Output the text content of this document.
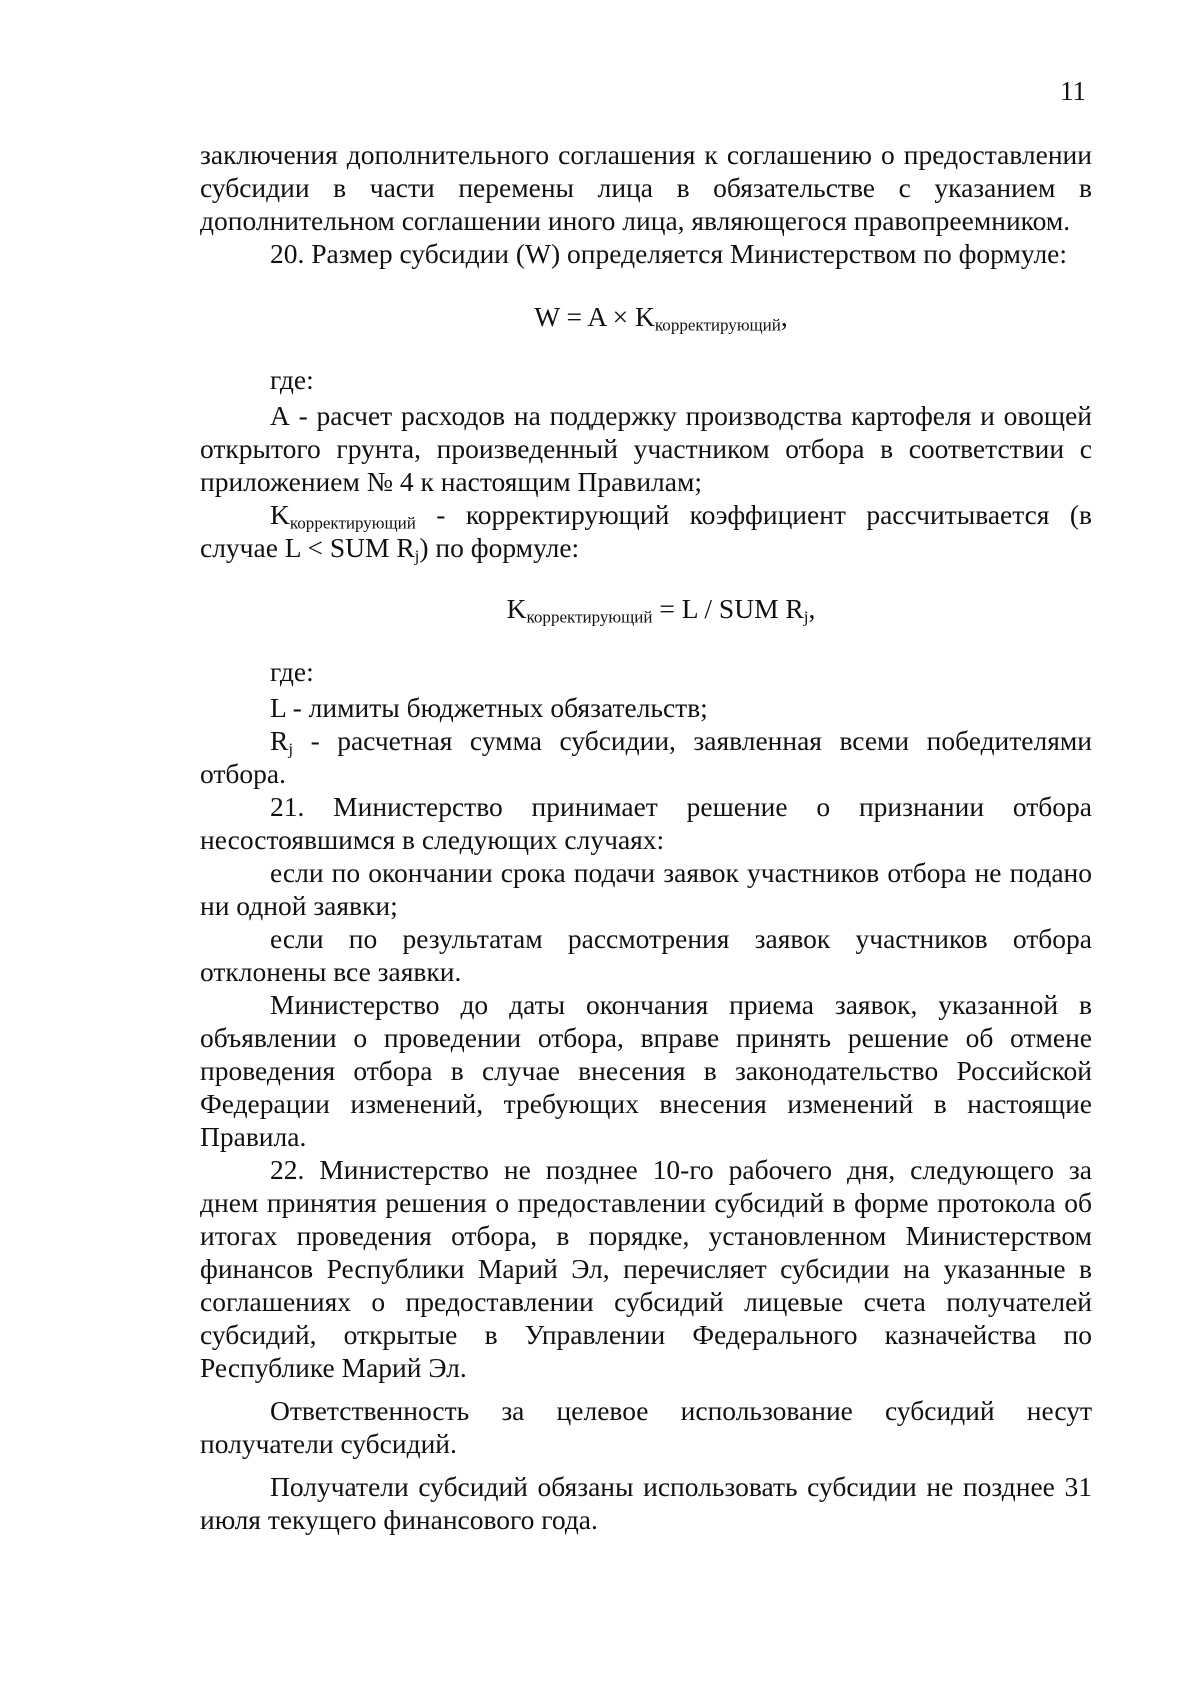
11

заключения дополнительного соглашения к соглашению о предоставлении субсидии в части перемены лица в обязательстве с указанием в дополнительном соглашении иного лица, являющегося правопреемником.

20. Размер субсидии (W) определяется Министерством по формуле:

$W = A \times K_{корректирующий}$,

где:

А - расчет расходов на поддержку производства картофеля и овощей открытого грунта, произведенный участником отбора в соответствии с приложением № 4 к настоящим Правилам;

$K_{корректирующий}$ - корректирующий коэффициент рассчитывается (в случае L < SUM $R_j$) по формуле:

$K_{корректирующий} = L$ / SUM $R_j$,

где:

L - лимиты бюджетных обязательств;

$R_j$ - расчетная сумма субсидии, заявленная всеми победителями отбора.

21. Министерство принимает решение о признании отбора несостоявшимся в следующих случаях:

если по окончании срока подачи заявок участников отбора не подано ни одной заявки;

если по результатам рассмотрения заявок участников отбора отклонены все заявки.

Министерство до даты окончания приема заявок, указанной в объявлении о проведении отбора, вправе принять решение об отмене проведения отбора в случае внесения в законодательство Российской Федерации изменений, требующих внесения изменений в настоящие Правила.

22. Министерство не позднее 10-го рабочего дня, следующего за днем принятия решения о предоставлении субсидий в форме протокола об итогах проведения отбора, в порядке, установленном Министерством финансов Республики Марий Эл, перечисляет субсидии на указанные в соглашениях о предоставлении субсидий лицевые счета получателей субсидий, открытые в Управлении Федерального казначейства по Республике Марий Эл.

Ответственность за целевое использование субсидий несут получатели субсидий.

Получатели субсидий обязаны использовать субсидии не позднее 31 июля текущего финансового года.
